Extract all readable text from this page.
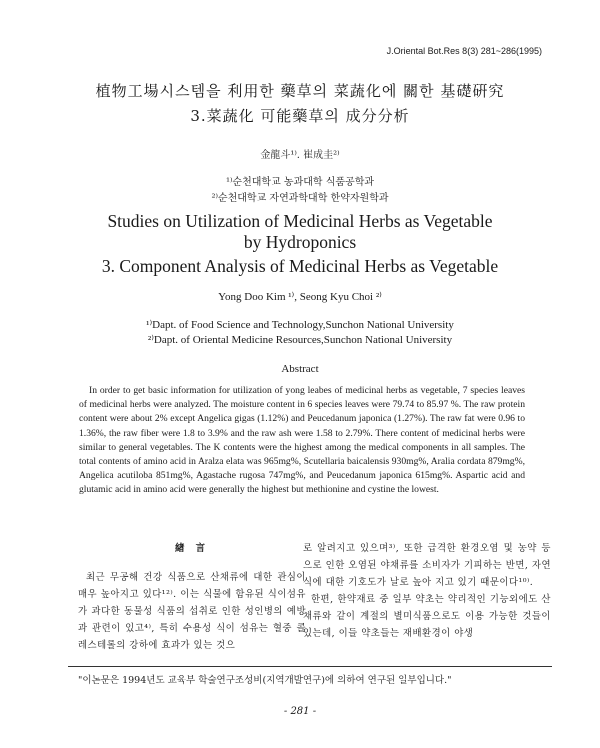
J.Oriental Bot.Res 8(3) 281~286(1995)
植物工場시스템을 利用한 藥草의 菜蔬化에 關한 基礎硏究
3.菜蔬化 可能藥草의 成分分析
金龍斗¹⁾. 崔成圭²⁾
¹⁾순천대학교 농과대학 식품공학과
²⁾순천대학교 자연과학대학 한약자원학과
Studies on Utilization of Medicinal Herbs as Vegetable
by Hydroponics
3. Component Analysis of Medicinal Herbs as Vegetable
Yong Doo Kim ¹⁾, Seong Kyu Choi ²⁾
¹⁾Dapt. of Food Science and Technology,Sunchon National University
²⁾Dapt. of Oriental Medicine Resources,Sunchon National University
Abstract
In order to get basic information for utilization of yong leabes of medicinal herbs as vegetable, 7 species leaves of medicinal herbs were analyzed. The moisture content in 6 species leaves were 79.74 to 85.97 %. The raw protein content were about 2% except Angelica gigas (1.12%) and Peucedanum japonica (1.27%). The raw fat were 0.96 to 1.36%, the raw fiber were 1.8 to 3.9% and the raw ash were 1.58 to 2.79%. There content of medicinal herbs were similar to general vegetables. The K contents were the highest among the medical components in all samples. The total contents of amino acid in Aralza elata was 965mg%, Scutellaria baicalensis 930mg%, Aralia cordata 879mg%, Angelica acutiloba 851mg%, Agastache rugosa 747mg%, and Peucedanum japonica 615mg%. Aspartic acid and glutamic acid in amino acid were generally the highest but methionine and cystine the lowest.
緖 言

최근 무공해 건강 식품으로 산채류에 대한 관심이 매우 높아지고 있다¹²⁾. 이는 식물에 함유된 식이섬유가 과다한 동물성 식품의 섭취로 인한 성인병의 예방과 관련이 있고⁴⁾, 특히 수용성 식이 섬유는 혈중 콜레스테롤의 강하에 효과가 있는 것으

로 알려지고 있으며³⁾, 또한 급격한 환경오염 및 농약 등으로 인한 오염된 야채류를 소비자가 기피하는 반면, 자연식에 대한 기호도가 날로 높아 지고 있기 때문이다¹⁰⁾.

한편, 한약재료 중 일부 약초는 약리적인 기능외에도 산채류와 같이 계절의 별미식품으로도 이용 가능한 것들이 있는데, 이들 약초들는 재배환경이 야생

"이논문은 1994년도 교육부 학술연구조성비(지역개발연구)에 의하여 연구된 일부입니다."
- 281 -
